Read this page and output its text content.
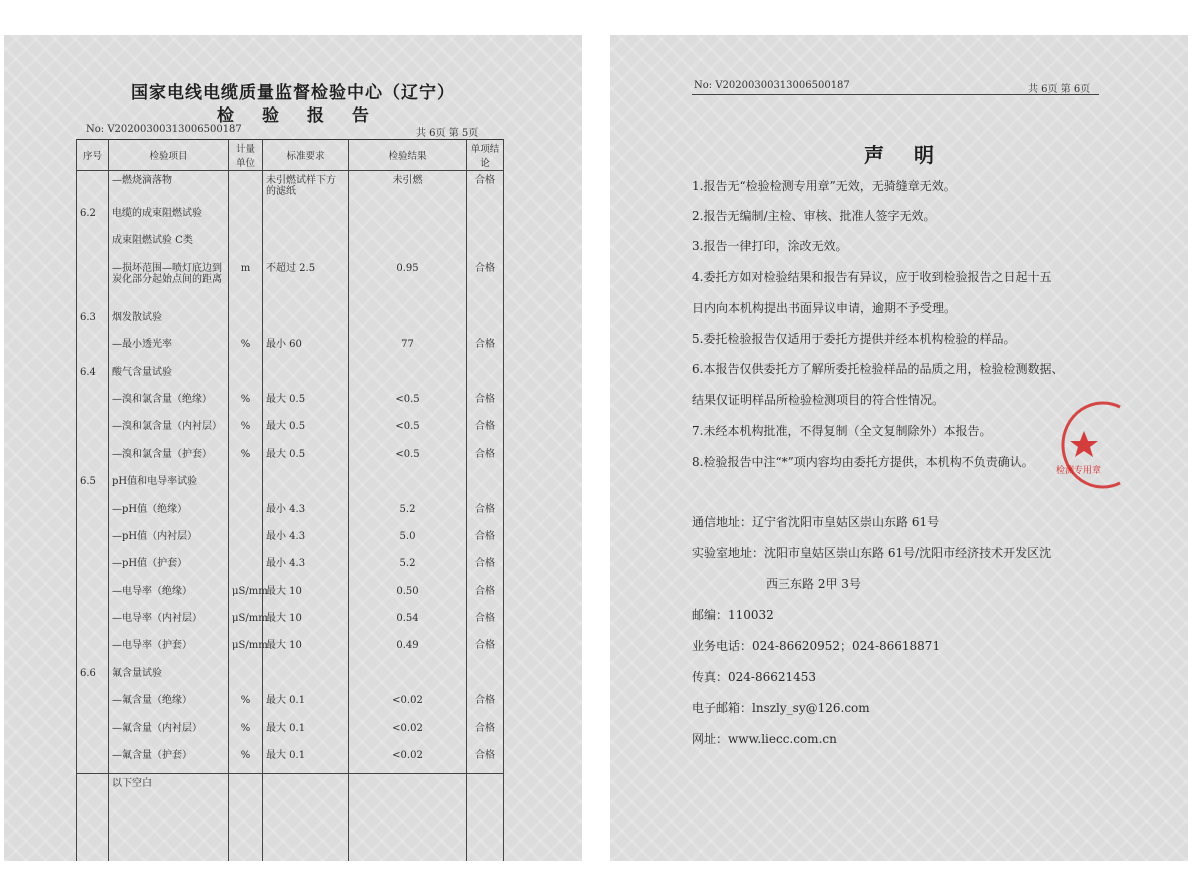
国家电线电缆质量监督检验中心（辽宁）
检验报告
No: V20200300313006500187	共 6页 第 5页
序号	检验项目	计量单位	标准要求	检验结果	单项结论
	—燃烧滴落物		未引燃试样下方的滤纸	未引燃	合格
6.2	电缆的成束阻燃试验				
	成束阻燃试验 C类				
	—损坏范围—喷灯底边到炭化部分起始点间的距离	m	不超过 2.5	0.95	合格
6.3	烟发散试验				
	—最小透光率	%	最小 60	77	合格
6.4	酸气含量试验				
	—溴和氯含量（绝缘）	%	最大 0.5	<0.5	合格
	—溴和氯含量（内衬层）	%	最大 0.5	<0.5	合格
	—溴和氯含量（护套）	%	最大 0.5	<0.5	合格
6.5	pH值和电导率试验				
	—pH值（绝缘）		最小 4.3	5.2	合格
	—pH值（内衬层）		最小 4.3	5.0	合格
	—pH值（护套）		最小 4.3	5.2	合格
	—电导率（绝缘）	μS/mm	最大 10	0.50	合格
	—电导率（内衬层）	μS/mm	最大 10	0.54	合格
	—电导率（护套）	μS/mm	最大 10	0.49	合格
6.6	氟含量试验				
	—氟含量（绝缘）	%	最大 0.1	<0.02	合格
	—氟含量（内衬层）	%	最大 0.1	<0.02	合格
	—氟含量（护套）	%	最大 0.1	<0.02	合格
	以下空白				
No: V20200300313006500187	共 6页 第 6页
声明
1.报告无“检验检测专用章”无效，无骑缝章无效。
2.报告无编制/主检、审核、批准人签字无效。
3.报告一律打印，涂改无效。
4.委托方如对检验结果和报告有异议，应于收到检验报告之日起十五
日内向本机构提出书面异议申请，逾期不予受理。
5.委托检验报告仅适用于委托方提供并经本机构检验的样品。
6.本报告仅供委托方了解所委托检验样品的品质之用，检验检测数据、
结果仅证明样品所检验检测项目的符合性情况。
7.未经本机构批准，不得复制（全文复制除外）本报告。
8.检验报告中注“*”项内容均由委托方提供，本机构不负责确认。
通信地址：辽宁省沈阳市皇姑区崇山东路 61号
实验室地址：沈阳市皇姑区崇山东路 61号/沈阳市经济技术开发区沈
西三东路 2甲 3号
邮编：110032
业务电话：024-86620952；024-86618871
传真：024-86621453
电子邮箱：lnszly_sy@126.com
网址：www.liecc.com.cn
检测专用章
